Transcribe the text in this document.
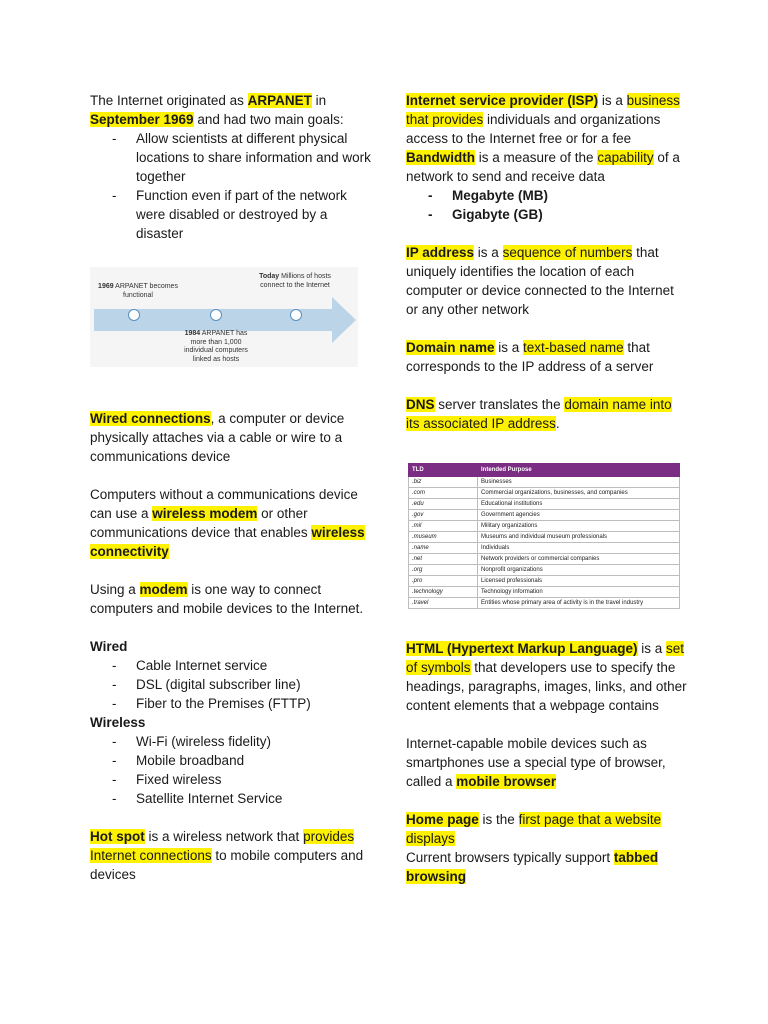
The Internet originated as ARPANET in September 1969 and had two main goals:

- Allow scientists at different physical locations to share information and work together
- Function even if part of the network were disabled or destroyed by a disaster
1969 ARPANET becomes functional
1984 ARPANET has more than 1,000 individual computers linked as hosts
Today Millions of hosts connect to the Internet

Wired connections, a computer or device physically attaches via a cable or wire to a communications device

Computers without a communications device can use a wireless modem or other communications device that enables wireless connectivity

Using a modem is one way to connect computers and mobile devices to the Internet.

Wired

- Cable Internet service
- DSL (digital subscriber line)
- Fiber to the Premises (FTTP)

Wireless

- Wi-Fi (wireless fidelity)
- Mobile broadband
- Fixed wireless
- Satellite Internet Service

Hot spot is a wireless network that provides Internet connections to mobile computers and devices

Internet service provider (ISP) is a business that provides individuals and organizations access to the Internet free or for a fee

Bandwidth is a measure of the capability of a network to send and receive data

- Megabyte (MB)
- Gigabyte (GB)

IP address is a sequence of numbers that uniquely identifies the location of each computer or device connected to the Internet or any other network

Domain name is a text-based name that corresponds to the IP address of a server

DNS server translates the domain name into its associated IP address.

TLD	Intended Purpose
.biz	Businesses
.com	Commercial organizations, businesses, and companies
.edu	Educational institutions
.gov	Government agencies
.mil	Military organizations
.museum	Museums and individual museum professionals
.name	Individuals
.net	Network providers or commercial companies
.org	Nonprofit organizations
.pro	Licensed professionals
.technology	Technology information
.travel	Entities whose primary area of activity is in the travel industry

HTML (Hypertext Markup Language) is a set of symbols that developers use to specify the headings, paragraphs, images, links, and other content elements that a webpage contains

Internet-capable mobile devices such as smartphones use a special type of browser, called a mobile browser

Home page is the first page that a website displays

Current browsers typically support tabbed browsing
